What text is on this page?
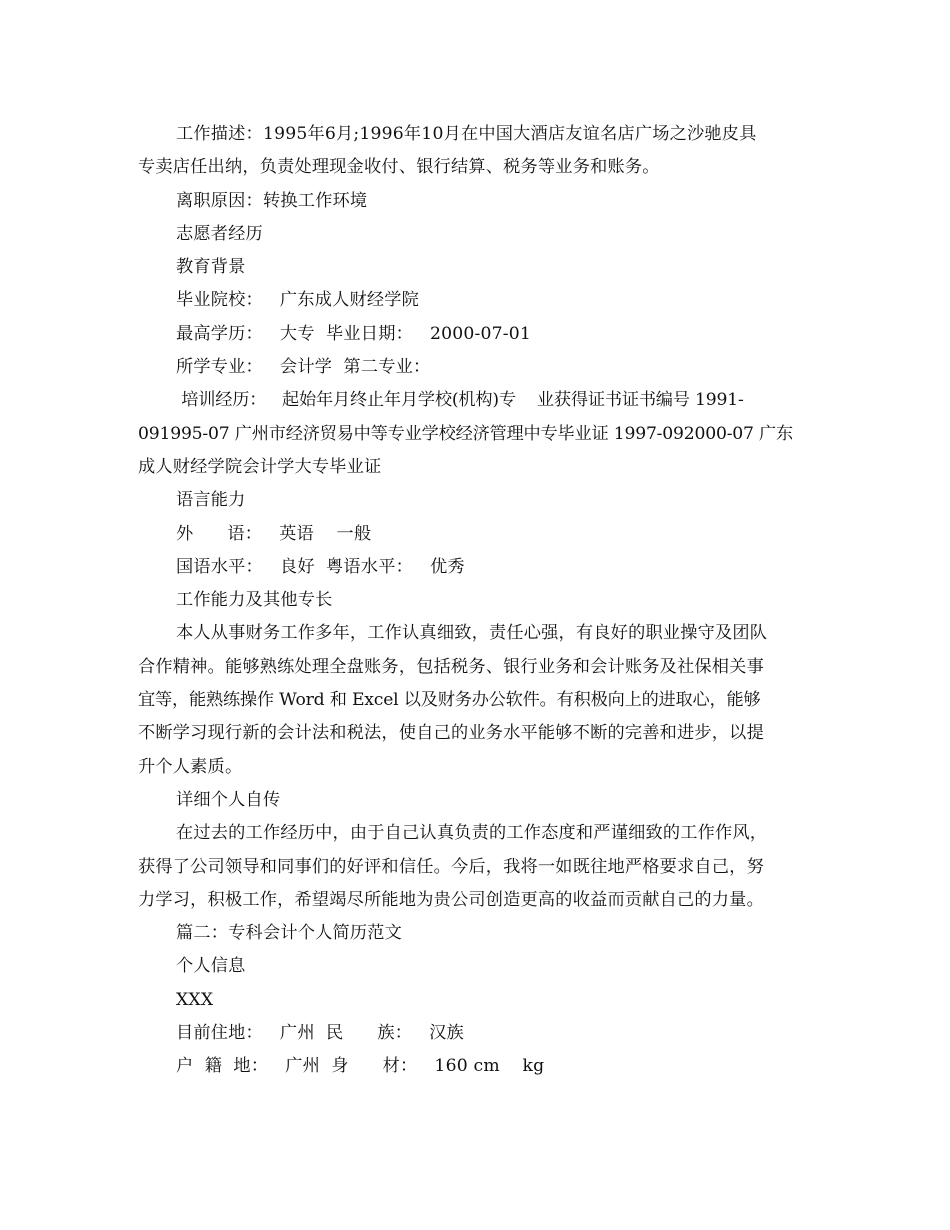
工作描述：1995年6月;1996年10月在中国大酒店友谊名店广场之沙驰皮具
专卖店任出纳，负责处理现金收付、银行结算、税务等业务和账务。
离职原因：转换工作环境
志愿者经历
教育背景
毕业院校：   广东成人财经学院
最高学历：   大专  毕业日期：   2000-07-01
所学专业：   会计学  第二专业：
培训经历：   起始年月终止年月学校(机构)专    业获得证书证书编号 1991-
091995-07 广州市经济贸易中等专业学校经济管理中专毕业证 1997-092000-07 广东
成人财经学院会计学大专毕业证
语言能力
外      语：   英语    一般
国语水平：   良好  粤语水平：   优秀
工作能力及其他专长
本人从事财务工作多年，工作认真细致，责任心强，有良好的职业操守及团队
合作精神。能够熟练处理全盘账务，包括税务、银行业务和会计账务及社保相关事
宜等，能熟练操作 Word 和 Excel 以及财务办公软件。有积极向上的进取心，能够
不断学习现行新的会计法和税法，使自己的业务水平能够不断的完善和进步，以提
升个人素质。
详细个人自传
在过去的工作经历中，由于自己认真负责的工作态度和严谨细致的工作作风，
获得了公司领导和同事们的好评和信任。今后，我将一如既往地严格要求自己，努
力学习，积极工作，希望竭尽所能地为贵公司创造更高的收益而贡献自己的力量。
篇二：专科会计个人简历范文
个人信息
XXX
目前住地：   广州  民      族：   汉族
户  籍  地：   广州  身      材：   160 cm    kg
